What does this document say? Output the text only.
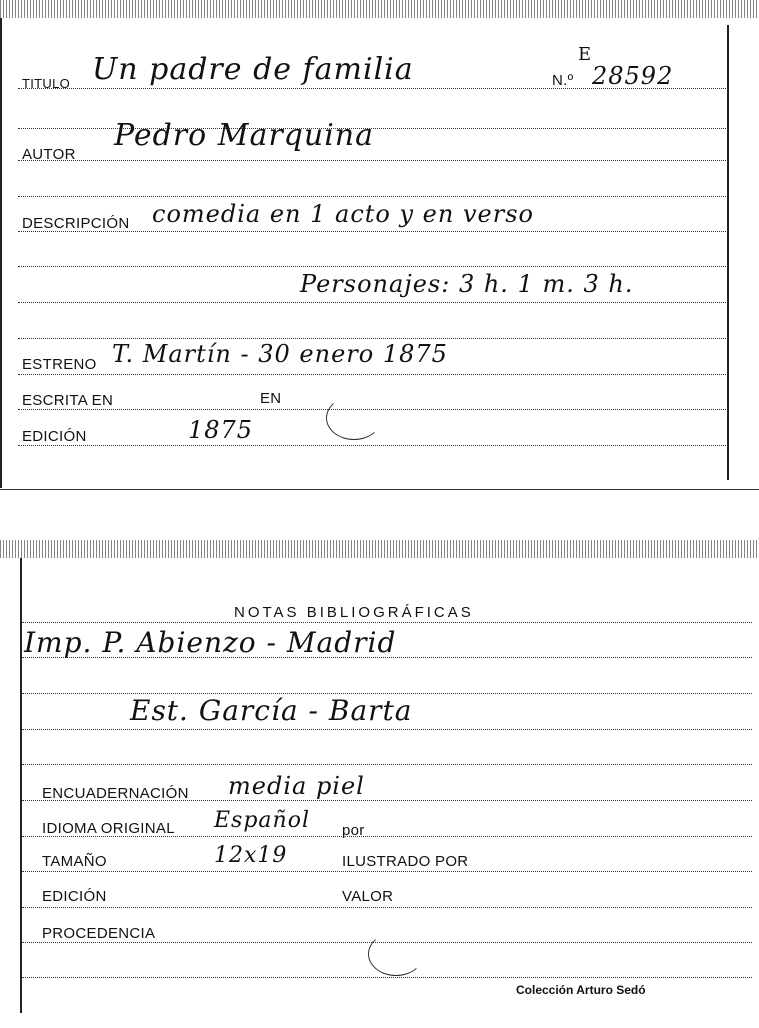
TITULO Un padre de familia	N.º
E
28592
AUTOR
Pedro Marquina
DESCRIPCIÓN comedia en 1 acto y en verso
Personajes: 3 h. 1 m. 3 h.
ESTRENO T. Martín - 30 enero 1875
ESCRITA EN	EN
EDICIÓN	1875
NOTAS BIBLIOGRÁFICAS
Imp. P. Abienzo - Madrid
Est. García - Barta
ENCUADERNACIÓN media piel
IDIOMA ORIGINAL Español por
TAMAÑO	12x19	ILUSTRADO POR
EDICIÓN	VALOR
PROCEDENCIA
Colección Arturo Sedó
